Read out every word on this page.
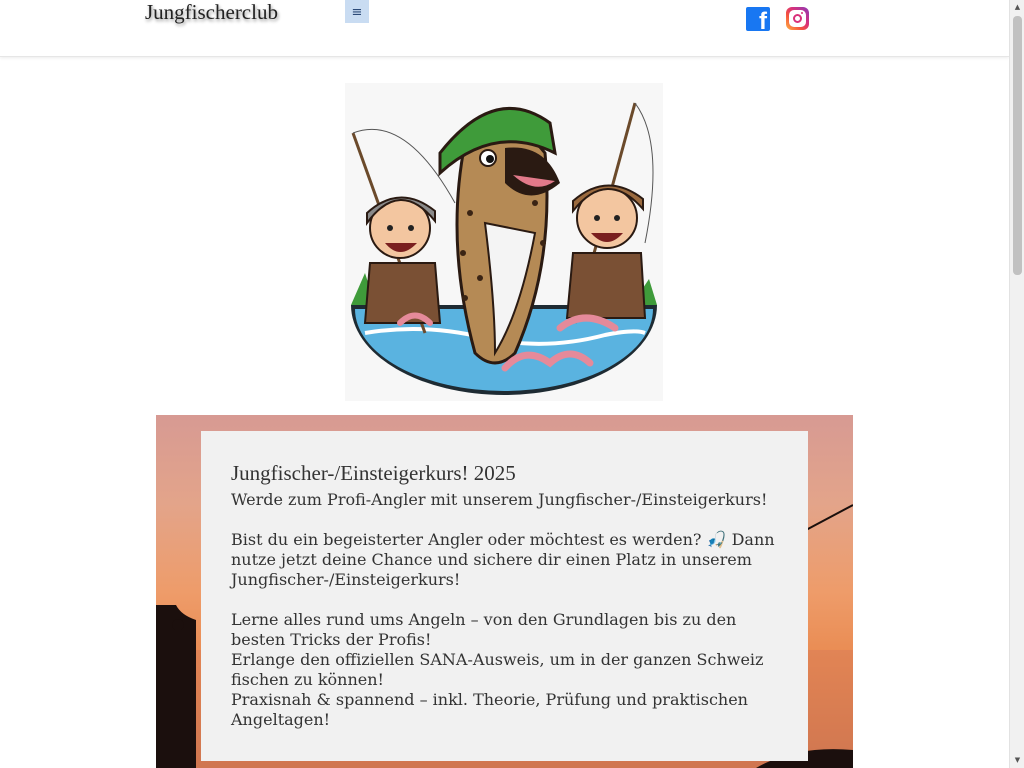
Jungfischerclub	≡	f
Jungfischer-/Einsteigerkurs! 2025
Werde zum Profi-Angler mit unserem Jungfischer-/Einsteigerkurs!

Bist du ein begeisterter Angler oder möchtest es werden? 🎣 Dann nutze jetzt deine Chance und sichere dir einen Platz in unserem Jungfischer-/Einsteigerkurs!

Lerne alles rund ums Angeln – von den Grundlagen bis zu den besten Tricks der Profis!

Erlange den offiziellen SANA-Ausweis, um in der ganzen Schweiz fischen zu können!

Praxisnah & spannend – inkl. Theorie, Prüfung und praktischen Angeltagen!

▲
▼
